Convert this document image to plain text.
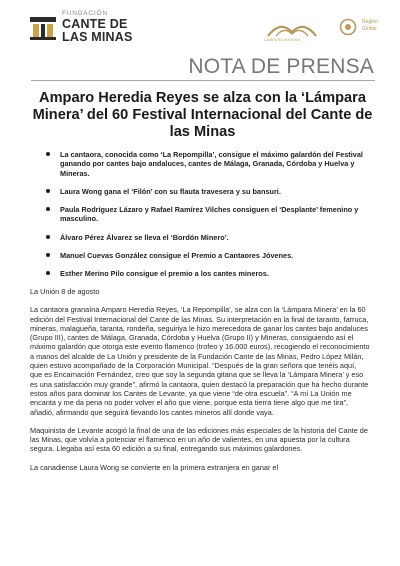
FUNDACIÓN
CANTE DE
LAS MINAS	LÁMPARA MINERA
Región
Global
NOTA DE PRENSA
Amparo Heredia Reyes se alza con la ‘Lámpara Minera’ del 60 Festival Internacional del Cante de las Minas
La cantaora, conocida como ‘La Repompilla’, consigue el máximo galardón del Festival ganando por cantes bajo andaluces, cantes de Málaga, Granada, Córdoba y Huelva y Mineras.
Laura Wong gana el ‘Filón’ con su flauta travesera y su bansuri.
Paula Rodríguez Lázaro y Rafael Ramírez Vilches consiguen el ‘Desplante’ femenino y masculino.
Álvaro Pérez Álvarez se lleva el ‘Bordón Minero’.
Manuel Cuevas González consigue el Premio a Cantaores Jóvenes.
Esther Merino Pilo consigue el premio a los cantes mineros.

La Unión 8 de agosto

La cantaora granaína Amparo Heredia Reyes, ‘La Repompilla’, se alza con la ‘Lámpara Minera’ en la 60 edición del Festival Internacional del Cante de las Minas. Su interpretación en la final de taranto, farruca, mineras, malagueña, taranta, rondeña, seguiriya le hizo merecedora de ganar los cantes bajo andaluces (Grupo III), cantes de Málaga, Granada, Córdoba y Huelva (Grupo II) y Mineras, consiguiendo así el máximo galardón que otorga este evento flamenco (trofeo y 16.000 euros), recogiendo el reconocimiento a manos del alcalde de La Unión y presidente de la Fundación Cante de las Minas, Pedro López Milán, quien estuvo acompañado de la Corporación Municipal. “Después de la gran señora que tenéis aquí, que es Encarnación Fernández, creo que soy la segunda gitana que se lleva la ‘Lámpara Minera’ y eso es una satisfacción muy grande”, afirmó la cantaora, quien destacó la preparación que ha hecho durante estos años para dominar los Cantes de Levante, ya que viene “de otra escuela”. “A mí La Unión me encanta y me da pena no poder volver el año que viene, porque esta tierra tiene algo que me tira”, añadió, afirmando que seguirá llevando los cantes mineros allí donde vaya.

Maquinista de Levante acogió la final de una de las ediciones más especiales de la historia del Cante de las Minas, que volvía a potenciar el flamenco en un año de valientes, en una apuesta por la cultura segura. Llegaba así esta 60 edición a su final, entregando sus máximos galardones.

La canadiense Laura Wong se convierte en la primera extranjera en ganar el
